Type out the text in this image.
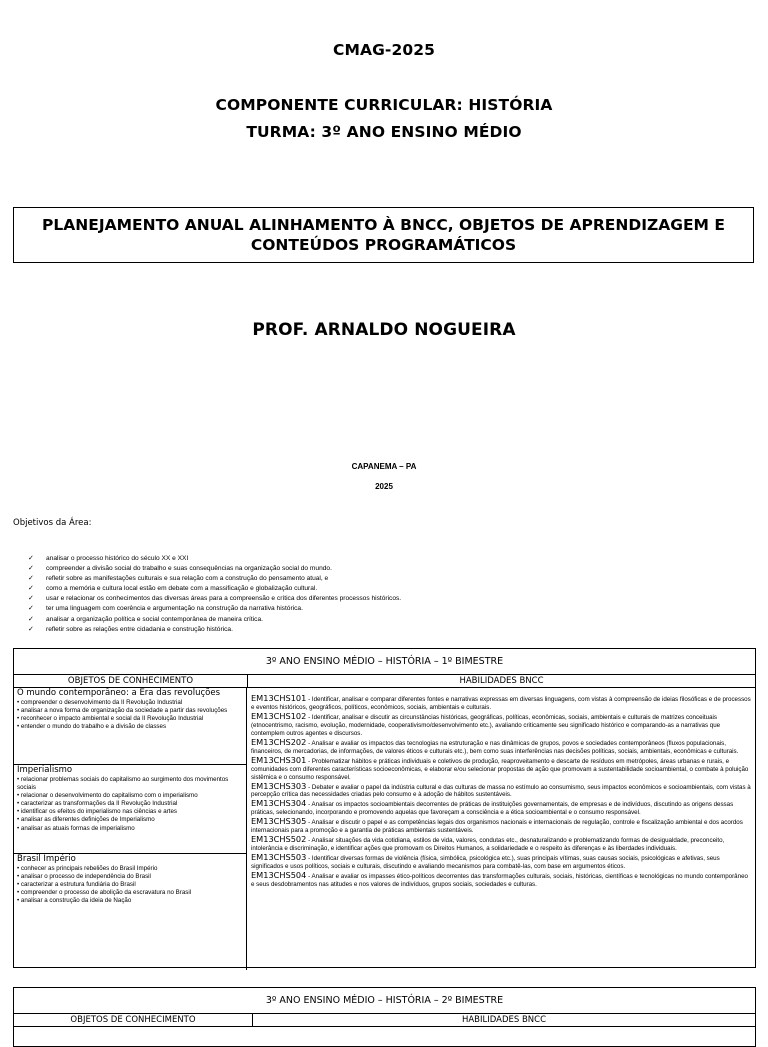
CMAG-2025
COMPONENTE CURRICULAR: HISTÓRIA
TURMA: 3º ANO ENSINO MÉDIO
PLANEJAMENTO ANUAL ALINHAMENTO À BNCC, OBJETOS DE APRENDIZAGEM E CONTEÚDOS PROGRAMÁTICOS
PROF. ARNALDO NOGUEIRA
CAPANEMA – PA
2025
Objetivos da Área:
✓ analisar o processo histórico do século XX e XXI
✓ compreender a divisão social do trabalho e suas consequências na organização social do mundo.
✓ refletir sobre as manifestações culturais e sua relação com a construção do pensamento atual, e
✓ como a memória e cultura local estão em debate com a massificação e globalização cultural.
✓ usar e relacionar os conhecimentos das diversas áreas para a compreensão e crítica dos diferentes processos históricos.
✓ ter uma linguagem com coerência e argumentação na construção da narrativa histórica.
✓ analisar a organização política e social contemporânea de maneira crítica.
✓ refletir sobre as relações entre cidadania e construção histórica.
3º ANO ENSINO MÉDIO – HISTÓRIA – 1º BIMESTRE
OBJETOS DE CONHECIMENTO	HABILIDADES BNCC
O mundo contemporâneo: a Era das revoluções
• compreender o desenvolvimento da II Revolução Industrial
• analisar a nova forma de organização da sociedade a partir das revoluções
• reconhecer o impacto ambiental e social da II Revolução Industrial
• entender o mundo do trabalho e a divisão de classes
Imperialismo
• relacionar problemas sociais do capitalismo ao surgimento dos movimentos sociais
• relacionar o desenvolvimento do capitalismo com o imperialismo
• caracterizar as transformações da II Revolução Industrial
• identificar os efeitos do imperialismo nas ciências e artes
• analisar as diferentes definições de Imperialismo
• analisar as atuais formas de imperialismo
Brasil Império
• conhecer as principais rebeliões do Brasil Império
• analisar o processo de independência do Brasil
• caracterizar a estrutura fundiária do Brasil
• compreender o processo de abolição da escravatura no Brasil
• analisar a construção da ideia de Nação
EM13CHS101 - Identificar, analisar e comparar diferentes fontes e narrativas expressas em diversas linguagens, com vistas à compreensão de ideias filosóficas e de processos e eventos históricos, geográficos, políticos, econômicos, sociais, ambientais e culturais.
EM13CHS102 - Identificar, analisar e discutir as circunstâncias históricas, geográficas, políticas, econômicas, sociais, ambientais e culturais de matrizes conceituais (etnocentrismo, racismo, evolução, modernidade, cooperativismo/desenvolvimento etc.), avaliando criticamente seu significado histórico e comparando-as a narrativas que contemplem outros agentes e discursos.
EM13CHS202 - Analisar e avaliar os impactos das tecnologias na estruturação e nas dinâmicas de grupos, povos e sociedades contemporâneos (fluxos populacionais, financeiros, de mercadorias, de informações, de valores éticos e culturais etc.), bem como suas interferências nas decisões políticas, sociais, ambientais, econômicas e culturais.
EM13CHS301 - Problematizar hábitos e práticas individuais e coletivos de produção, reaproveitamento e descarte de resíduos em metrópoles, áreas urbanas e rurais, e comunidades com diferentes características socioeconômicas, e elaborar e/ou selecionar propostas de ação que promovam a sustentabilidade socioambiental, o combate à poluição sistêmica e o consumo responsável.
EM13CHS303 - Debater e avaliar o papel da indústria cultural e das culturas de massa no estímulo ao consumismo, seus impactos econômicos e socioambientais, com vistas à percepção crítica das necessidades criadas pelo consumo e à adoção de hábitos sustentáveis.
EM13CHS304 - Analisar os impactos socioambientais decorrentes de práticas de instituições governamentais, de empresas e de indivíduos, discutindo as origens dessas práticas, selecionando, incorporando e promovendo aquelas que favoreçam a consciência e a ética socioambiental e o consumo responsável.
EM13CHS305 - Analisar e discutir o papel e as competências legais dos organismos nacionais e internacionais de regulação, controle e fiscalização ambiental e dos acordos internacionais para a promoção e a garantia de práticas ambientais sustentáveis.
EM13CHS502 - Analisar situações da vida cotidiana, estilos de vida, valores, condutas etc., desnaturalizando e problematizando formas de desigualdade, preconceito, intolerância e discriminação, e identificar ações que promovam os Direitos Humanos, a solidariedade e o respeito às diferenças e às liberdades individuais.
EM13CHS503 - Identificar diversas formas de violência (física, simbólica, psicológica etc.), suas principais vítimas, suas causas sociais, psicológicas e afetivas, seus significados e usos políticos, sociais e culturais, discutindo e avaliando mecanismos para combatê-las, com base em argumentos éticos.
EM13CHS504 - Analisar e avaliar os impasses ético-políticos decorrentes das transformações culturais, sociais, históricas, científicas e tecnológicas no mundo contemporâneo e seus desdobramentos nas atitudes e nos valores de indivíduos, grupos sociais, sociedades e culturas.
3º ANO ENSINO MÉDIO – HISTÓRIA – 2º BIMESTRE
OBJETOS DE CONHECIMENTO	HABILIDADES BNCC
